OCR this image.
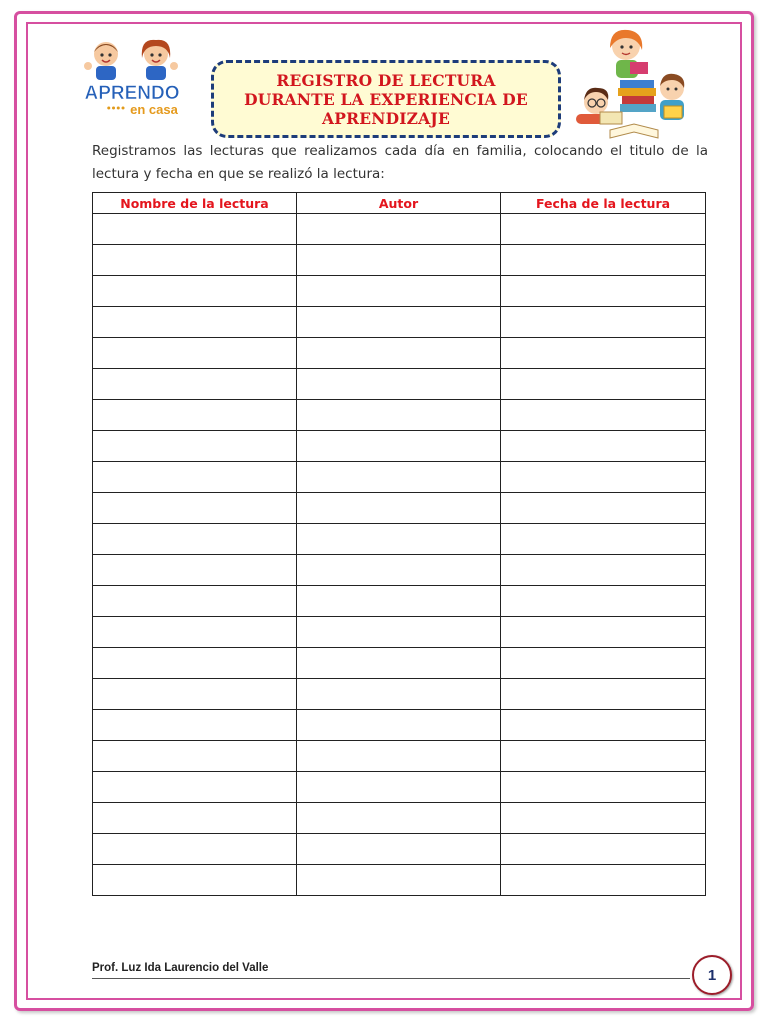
APRENDO
● ● ● ● en casa
REGISTRO DE LECTURA
DURANTE LA EXPERIENCIA DE
APRENDIZAJE
Registramos las lecturas que realizamos cada día en familia, colocando el titulo de la lectura y fecha en que se realizó la lectura:
Nombre de la lectura	Autor	Fecha de la lectura

Prof. Luz Ida Laurencio del Valle	1
